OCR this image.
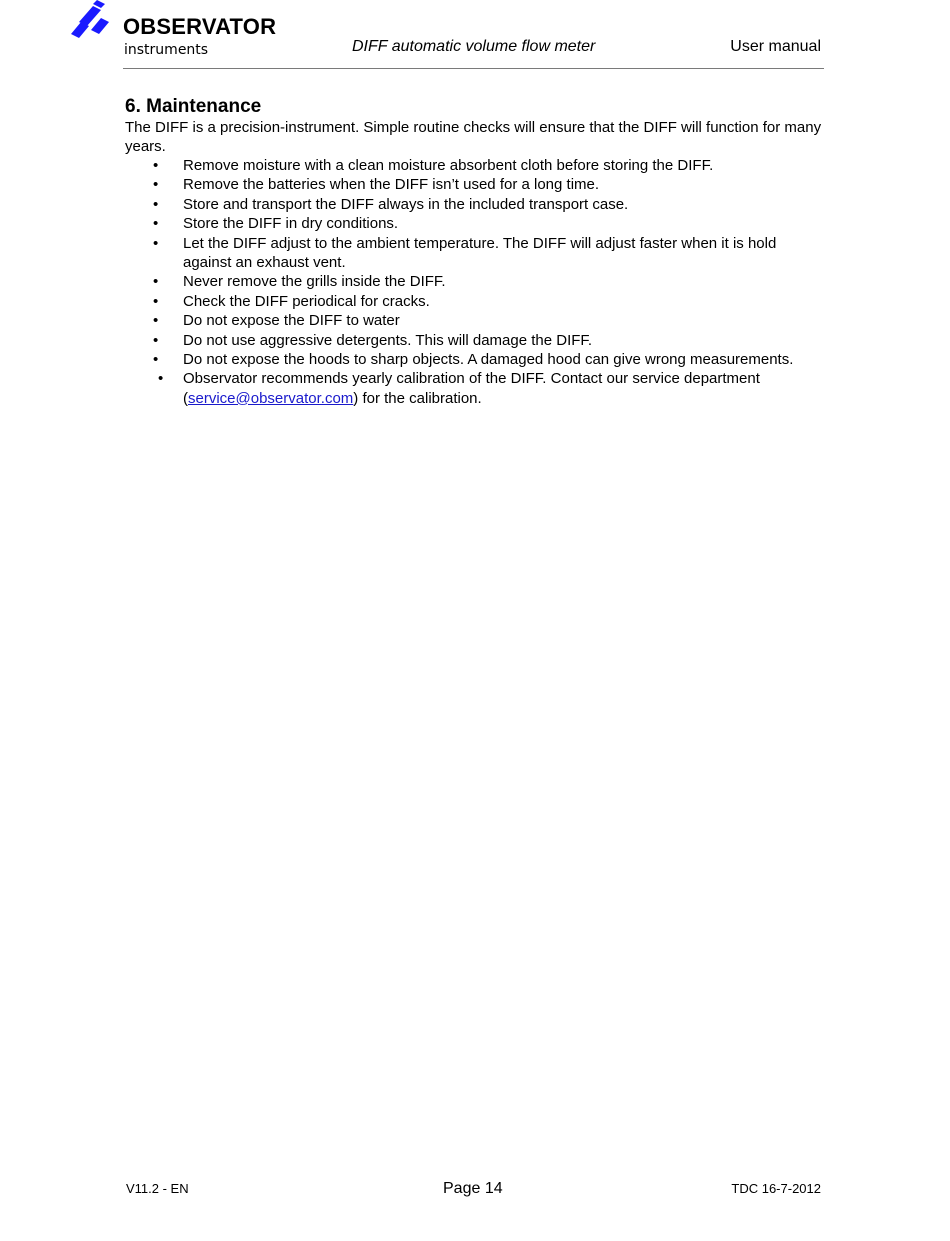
OBSERVATOR
instruments	DIFF automatic volume flow meter	User manual
6. Maintenance

The DIFF is a precision-instrument. Simple routine checks will ensure that the DIFF will function for many years.

• Remove moisture with a clean moisture absorbent cloth before storing the DIFF.
• Remove the batteries when the DIFF isn’t used for a long time.
• Store and transport the DIFF always in the included transport case.
• Store the DIFF in dry conditions.
• Let the DIFF adjust to the ambient temperature. The DIFF will adjust faster when it is hold against an exhaust vent.
• Never remove the grills inside the DIFF.
• Check the DIFF periodical for cracks.
• Do not expose the DIFF to water
• Do not use aggressive detergents. This will damage the DIFF.
• Do not expose the hoods to sharp objects. A damaged hood can give wrong measurements.
• Observator recommends yearly calibration of the DIFF. Contact our service department (service@observator.com) for the calibration.
V11.2 - EN	Page 14	TDC 16-7-2012
